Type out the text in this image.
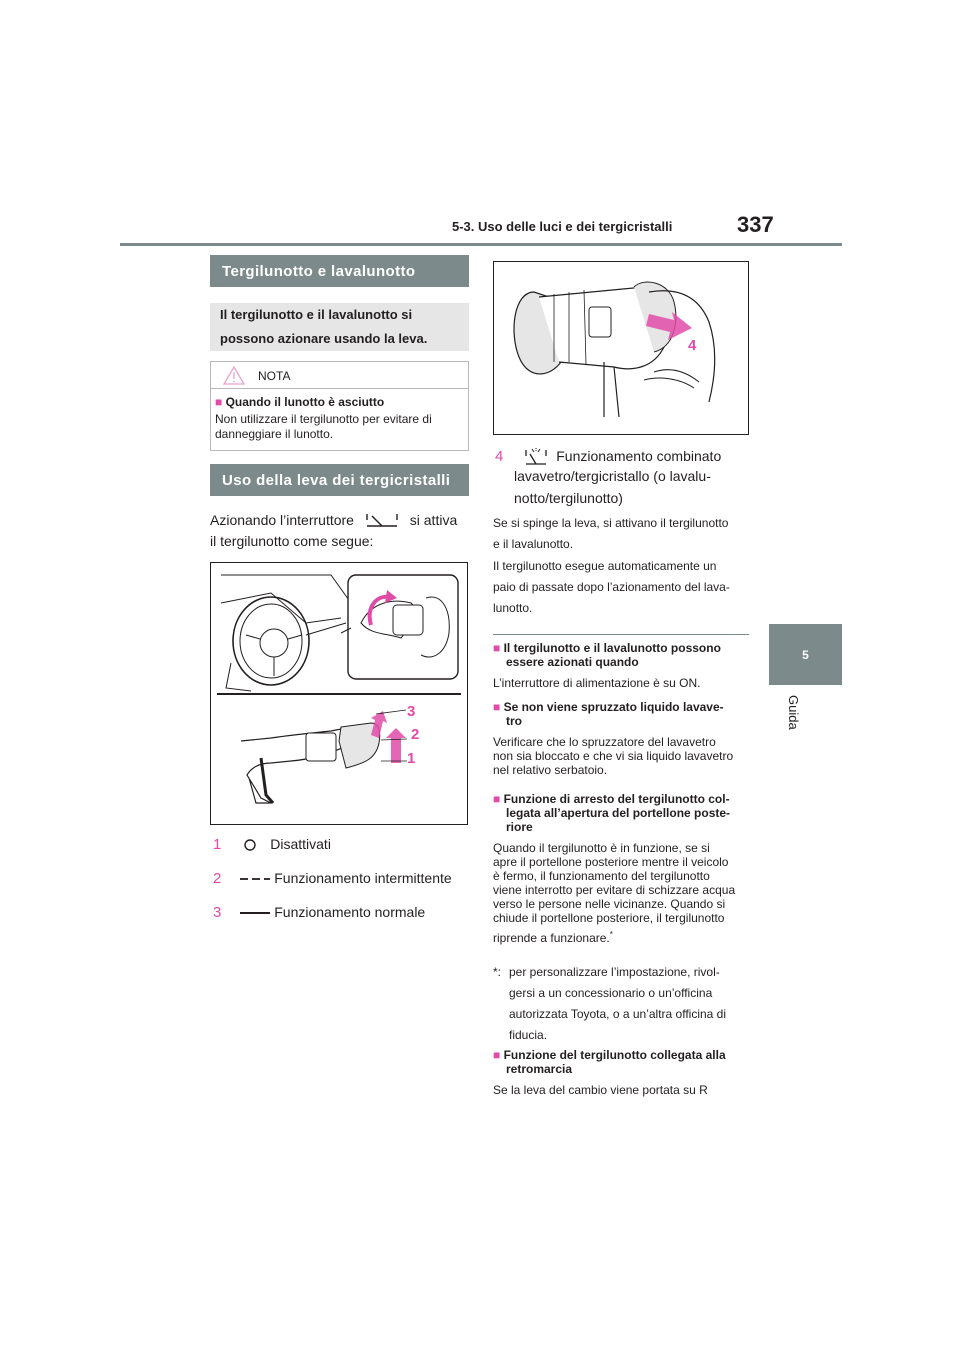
337
5-3. Uso delle luci e dei tergicristalli
5
Guida
Tergilunotto e lavalunotto
Il tergilunotto e il lavalunotto si possono azionare usando la leva.
NOTA
■ Quando il lunotto è asciutto
Non utilizzare il tergilunotto per evitare di danneggiare il lunotto.
Uso della leva dei tergicristalli
Azionando l’interruttore	si attiva
il tergilunotto come segue:
3
2
1
1	Disattivati
2	Funzionamento intermittente
3	Funzionamento normale
4
4	Funzionamento combinato
lavavetro/tergicristallo (o lavalu-
notto/tergilunotto)
Se si spinge la leva, si attivano il tergilunotto
e il lavalunotto.
Il tergilunotto esegue automaticamente un
paio di passate dopo l’azionamento del lava-
lunotto.
■ Il tergilunotto e il lavalunotto possono
essere azionati quando
L’interruttore di alimentazione è su ON.
■ Se non viene spruzzato liquido lavave-
tro
Verificare che lo spruzzatore del lavavetro
non sia bloccato e che vi sia liquido lavavetro
nel relativo serbatoio.
■ Funzione di arresto del tergilunotto col-
legata all’apertura del portellone poste-
riore
Quando il tergilunotto è in funzione, se si
apre il portellone posteriore mentre il veicolo
è fermo, il funzionamento del tergilunotto
viene interrotto per evitare di schizzare acqua
verso le persone nelle vicinanze. Quando si
chiude il portellone posteriore, il tergilunotto
riprende a funzionare.*
*: per personalizzare l’impostazione, rivol-
gersi a un concessionario o un’officina
autorizzata Toyota, o a un’altra officina di
fiducia.
■ Funzione del tergilunotto collegata alla
retromarcia
Se la leva del cambio viene portata su R
